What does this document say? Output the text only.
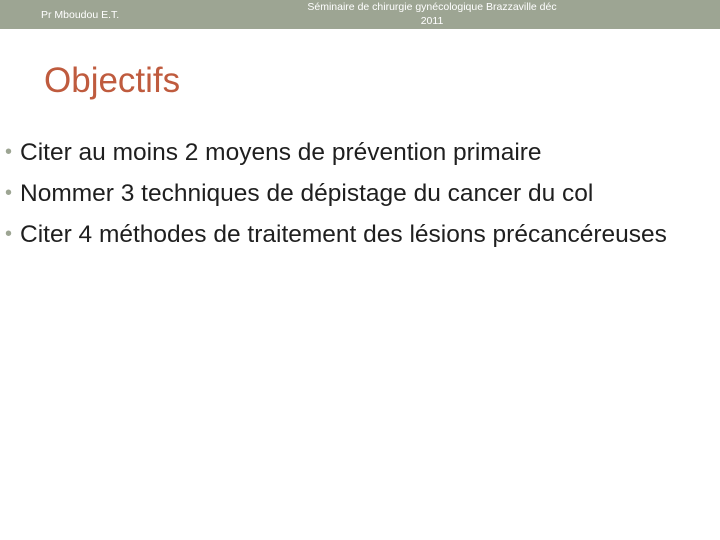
Pr Mboudou E.T.
Séminaire de chirurgie gynécologique Brazzaville déc
2011
Objectifs
• Citer au moins 2 moyens de prévention primaire
• Nommer 3 techniques de dépistage du cancer du col
• Citer 4 méthodes de traitement des lésions précancéreuses
